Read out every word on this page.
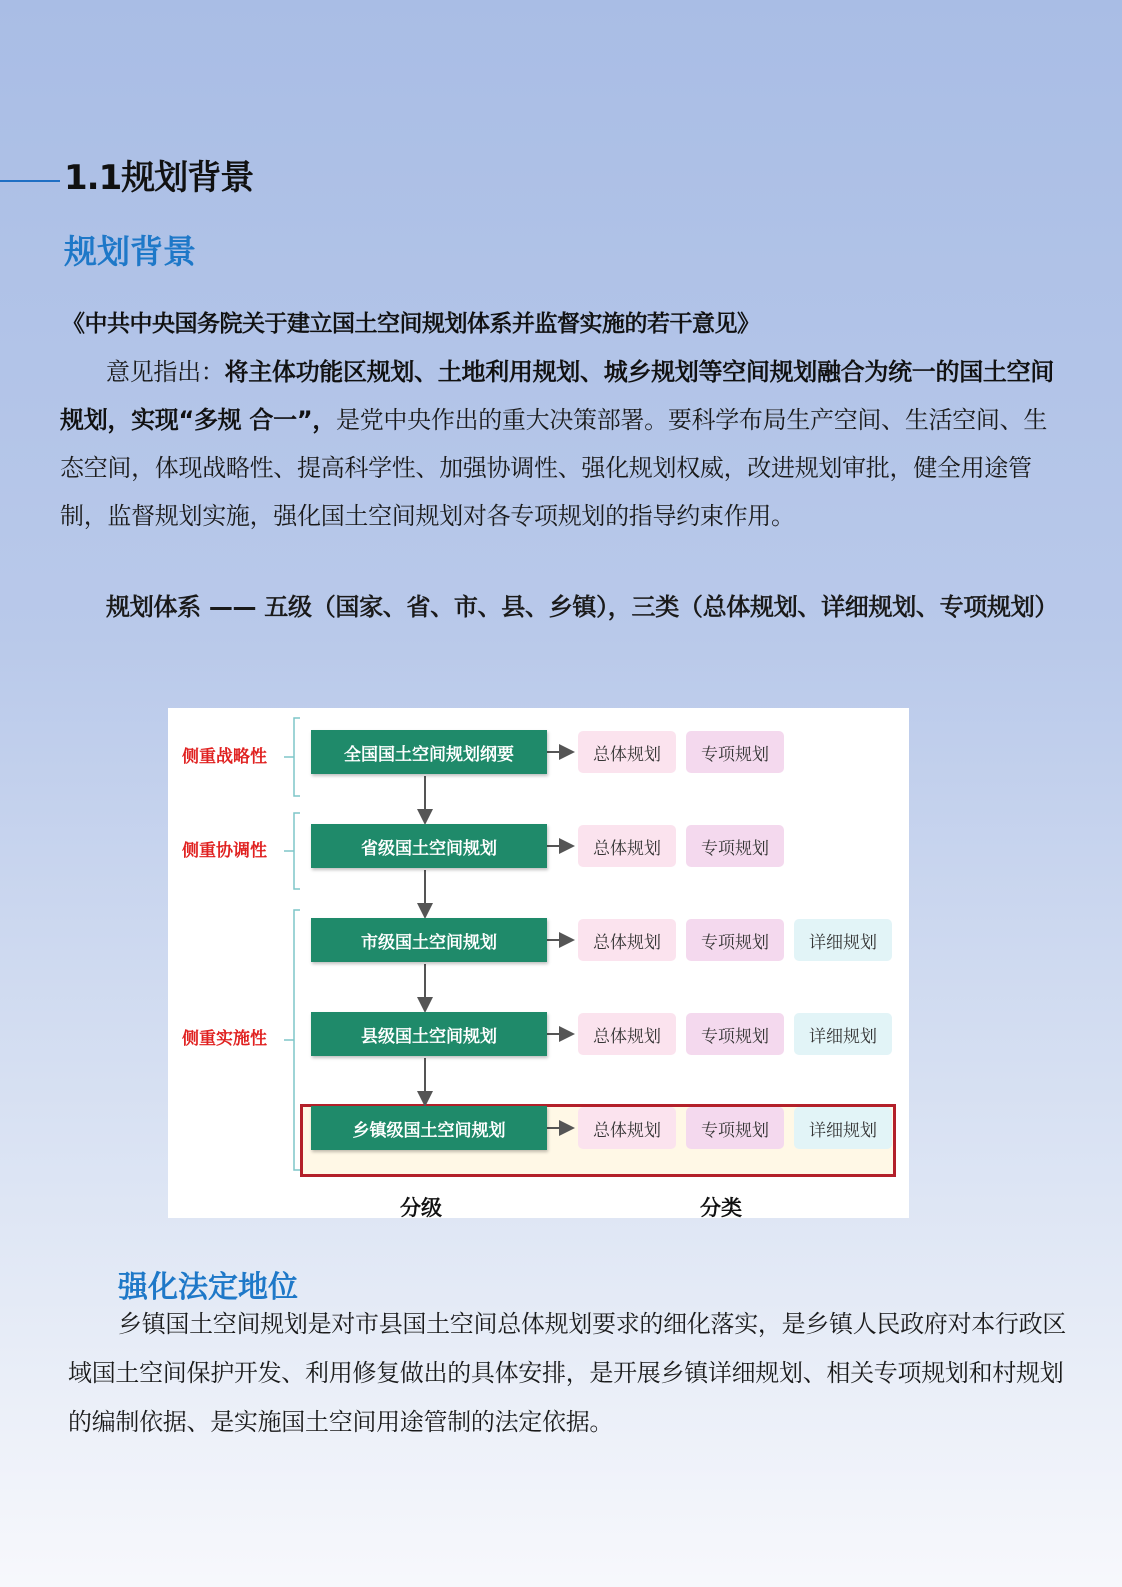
1.1规划背景
规划背景
《中共中央国务院关于建立国土空间规划体系并监督实施的若干意见》
意见指出：将主体功能区规划、土地利用规划、城乡规划等空间规划融合为统一的国土空间规划，实现“多规 合一”，是党中央作出的重大决策部署。要科学布局生产空间、生活空间、生态空间，体现战略性、提高科学性、加强协调性、强化规划权威，改进规划审批，健全用途管制，监督规划实施，强化国土空间规划对各专项规划的指导约束作用。
规划体系 —— 五级（国家、省、市、县、乡镇），三类（总体规划、详细规划、专项规划）
侧重战略性
侧重协调性
侧重实施性
全国国土空间规划纲要
省级国土空间规划
市级国土空间规划
县级国土空间规划
乡镇级国土空间规划
总体规划	专项规划
总体规划	专项规划
总体规划	专项规划	详细规划
总体规划	专项规划	详细规划
总体规划	专项规划	详细规划
分级	分类
强化法定地位
乡镇国土空间规划是对市县国土空间总体规划要求的细化落实，是乡镇人民政府对本行政区域国土空间保护开发、利用修复做出的具体安排，是开展乡镇详细规划、相关专项规划和村规划的编制依据、是实施国土空间用途管制的法定依据。
